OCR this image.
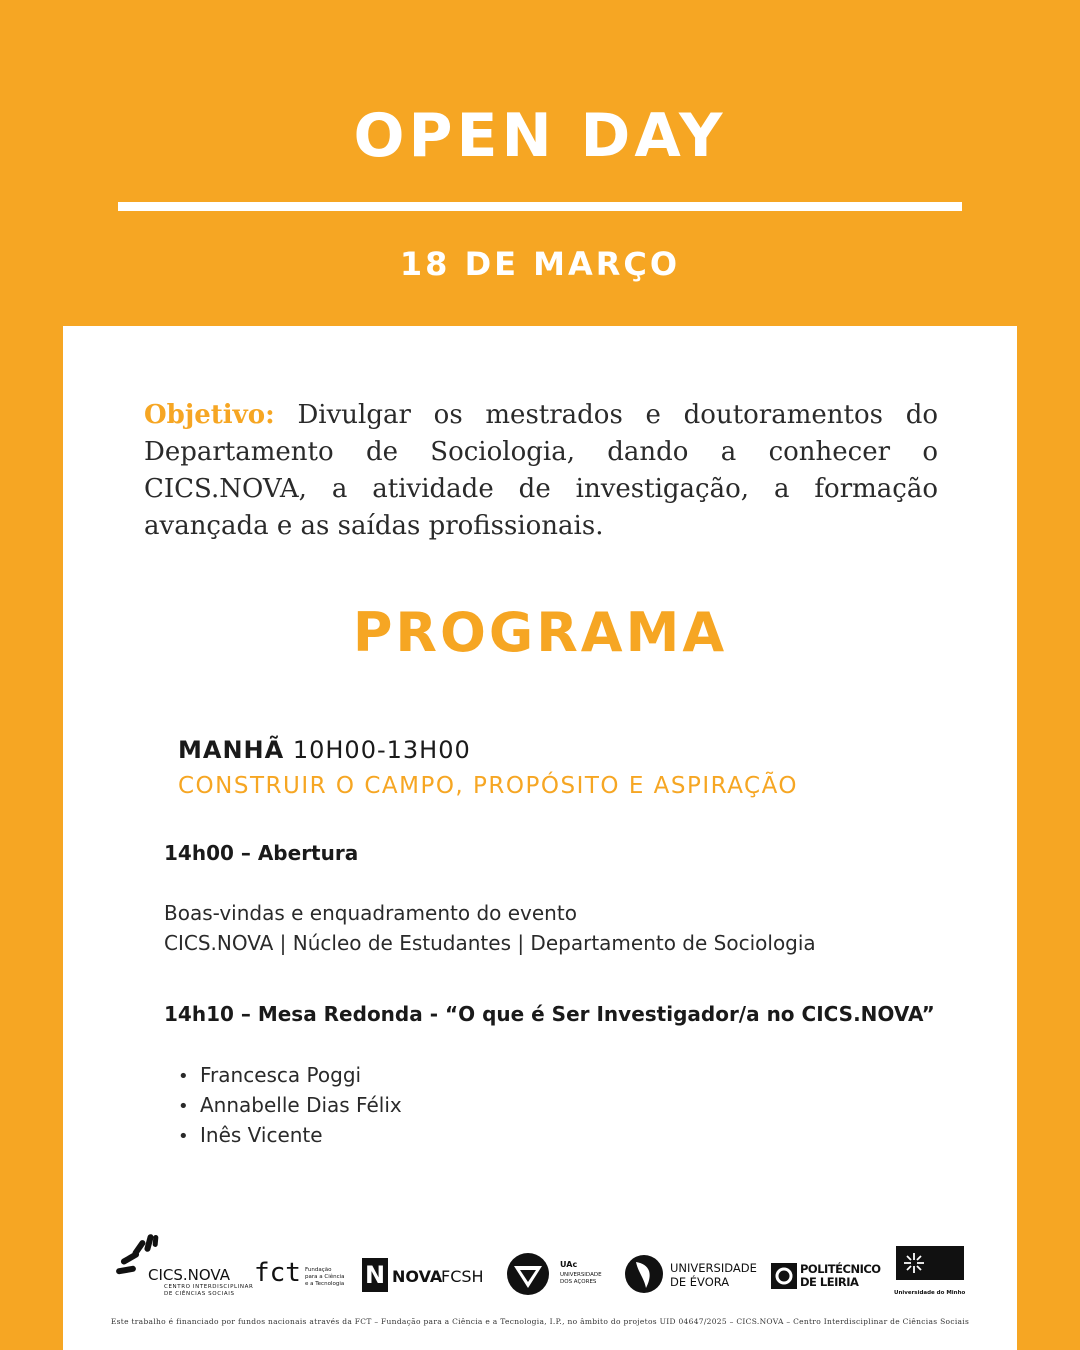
OPEN DAY
18 DE MARÇO
Objetivo: Divulgar os mestrados e doutoramentos do Departamento de Sociologia, dando a conhecer o CICS.NOVA, a atividade de investigação, a formação avançada e as saídas profissionais.
PROGRAMA
MANHÃ 10H00-13H00
CONSTRUIR O CAMPO, PROPÓSITO E ASPIRAÇÃO
14h00 – Abertura
Boas-vindas e enquadramento do evento
CICS.NOVA | Núcleo de Estudantes | Departamento de Sociologia
14h10 – Mesa Redonda - “O que é Ser Investigador/a no CICS.NOVA”
• Francesca Poggi
• Annabelle Dias Félix
• Inês Vicente
CICS.NOVA
CENTRO INTERDISCIPLINAR
DE CIÊNCIAS SOCIAIS
fct Fundação
para a Ciência
e a Tecnologia N NOVA
FCSH
UAc
UNIVERSIDADE
DOS AÇORES
UNIVERSIDADE
DE ÉVORA
POLITÉCNICO
DE LEIRIA
Universidade do Minho
Este trabalho é financiado por fundos nacionais através da FCT – Fundação para a Ciência e a Tecnologia, I.P., no âmbito do projetos UID 04647/2025 – CICS.NOVA – Centro Interdisciplinar de Ciências Sociais
